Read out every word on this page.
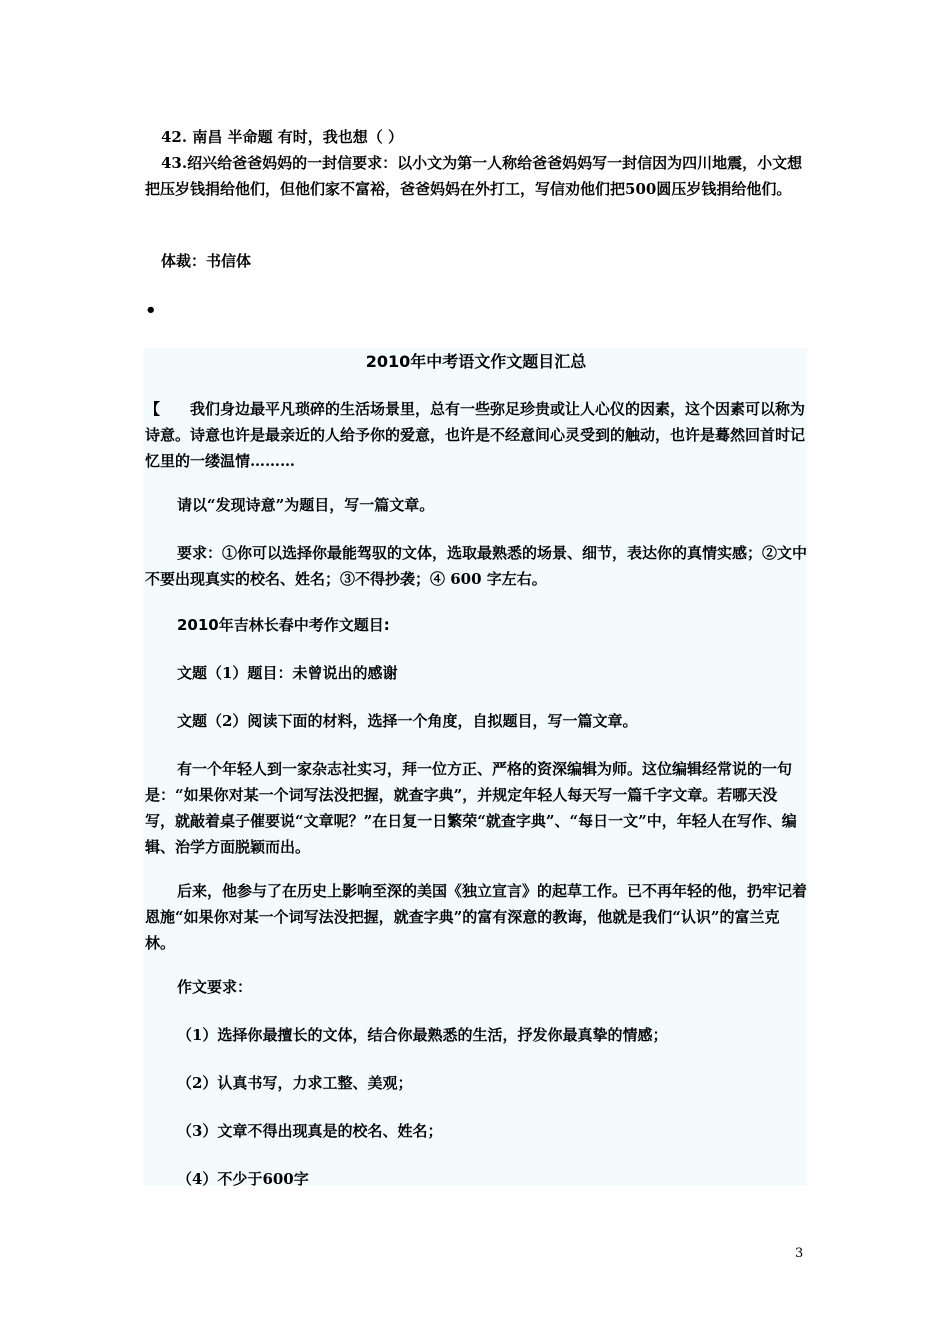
42. 南昌 半命题 有时，我也想（ ）

43.绍兴给爸爸妈妈的一封信要求：以小文为第一人称给爸爸妈妈写一封信因为四川地震，小文想把压岁钱捐给他们，但他们家不富裕，爸爸妈妈在外打工，写信劝他们把500圆压岁钱捐给他们。

体裁：书信体

•
2010年中考语文作文题目汇总

【　　我们身边最平凡琐碎的生活场景里，总有一些弥足珍贵或让人心仪的因素，这个因素可以称为诗意。诗意也许是最亲近的人给予你的爱意，也许是不经意间心灵受到的触动，也许是蓦然回首时记忆里的一缕温情………

请以“发现诗意”为题目，写一篇文章。

要求：①你可以选择你最能驾驭的文体，选取最熟悉的场景、细节，表达你的真情实感；②文中不要出现真实的校名、姓名；③不得抄袭；④ 600 字左右。

2010年吉林长春中考作文题目:

文题（1）题目：未曾说出的感谢

文题（2）阅读下面的材料，选择一个角度，自拟题目，写一篇文章。

有一个年轻人到一家杂志社实习，拜一位方正、严格的资深编辑为师。这位编辑经常说的一句是：“如果你对某一个词写法没把握，就查字典”，并规定年轻人每天写一篇千字文章。若哪天没写，就敲着桌子催要说“文章呢？”在日复一日繁荣“就查字典”、“每日一文”中，年轻人在写作、编辑、治学方面脱颖而出。

后来，他参与了在历史上影响至深的美国《独立宣言》的起草工作。已不再年轻的他，扔牢记着恩施“如果你对某一个词写法没把握，就查字典”的富有深意的教诲，他就是我们“认识”的富兰克林。

作文要求：

（1）选择你最擅长的文体，结合你最熟悉的生活，抒发你最真挚的情感；

（2）认真书写，力求工整、美观；

（3）文章不得出现真是的校名、姓名；

（4）不少于600字

3
